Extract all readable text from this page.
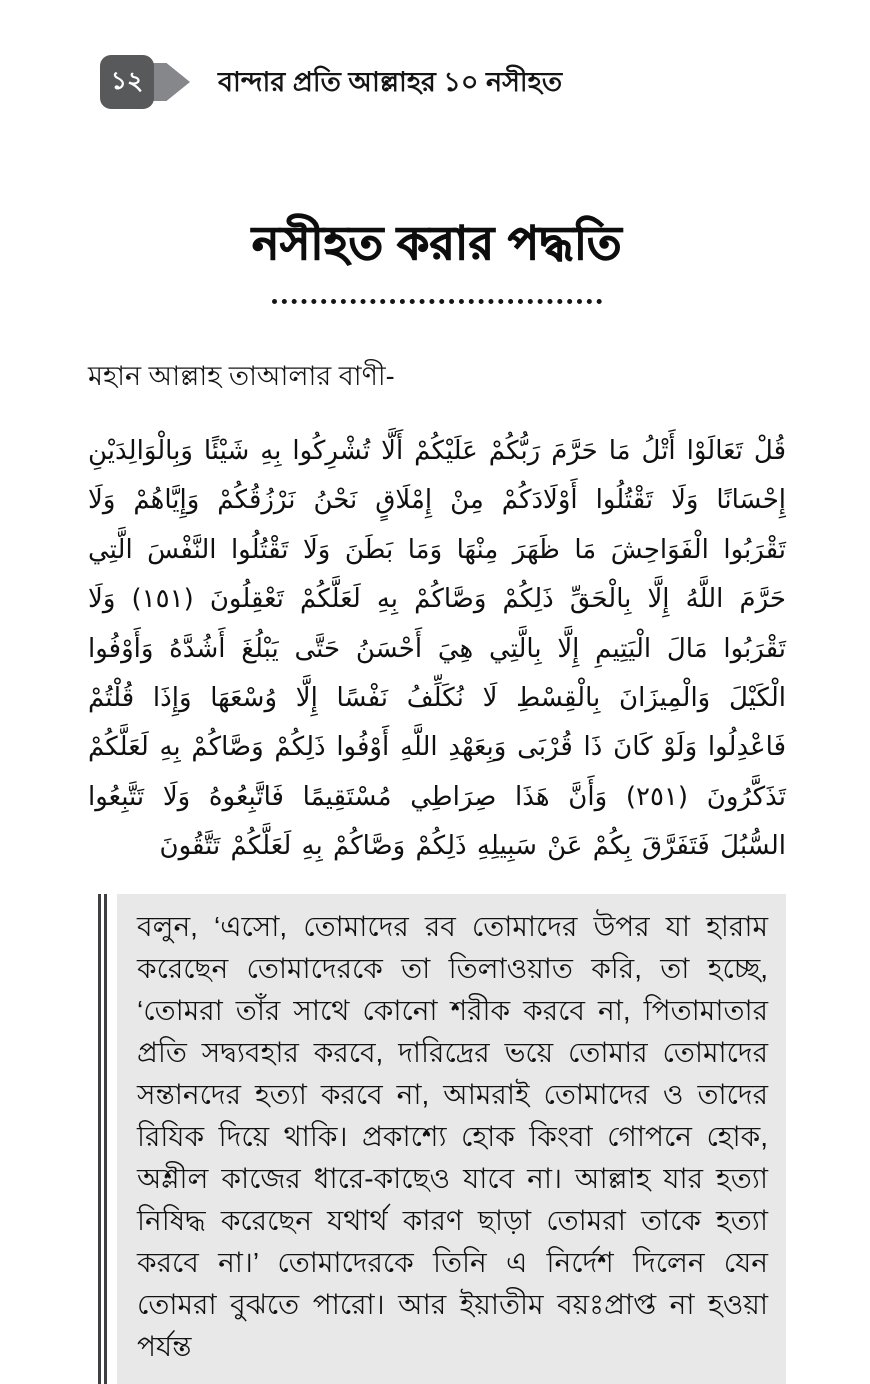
১২	বান্দার প্রতি আল্লাহর ১০ নসীহত
নসীহত করার পদ্ধতি
মহান আল্লাহ তাআলার বাণী-
قُلْ تَعَالَوْا أَتْلُ مَا حَرَّمَ رَبُّكُمْ عَلَيْكُمْ أَلَّا تُشْرِكُوا بِهِ شَيْئًا وَبِالْوَالِدَيْنِ إِحْسَانًا وَلَا تَقْتُلُوا أَوْلَادَكُمْ مِنْ إِمْلَاقٍ نَحْنُ نَرْزُقُكُمْ وَإِيَّاهُمْ وَلَا تَقْرَبُوا الْفَوَاحِشَ مَا ظَهَرَ مِنْهَا وَمَا بَطَنَ وَلَا تَقْتُلُوا النَّفْسَ الَّتِي حَرَّمَ اللَّهُ إِلَّا بِالْحَقِّ ذَلِكُمْ وَصَّاكُمْ بِهِ لَعَلَّكُمْ تَعْقِلُونَ (١٥١) وَلَا تَقْرَبُوا مَالَ الْيَتِيمِ إِلَّا بِالَّتِي هِيَ أَحْسَنُ حَتَّى يَبْلُغَ أَشُدَّهُ وَأَوْفُوا الْكَيْلَ وَالْمِيزَانَ بِالْقِسْطِ لَا نُكَلِّفُ نَفْسًا إِلَّا وُسْعَهَا وَإِذَا قُلْتُمْ فَاعْدِلُوا وَلَوْ كَانَ ذَا قُرْبَى وَبِعَهْدِ اللَّهِ أَوْفُوا ذَلِكُمْ وَصَّاكُمْ بِهِ لَعَلَّكُمْ تَذَكَّرُونَ (٢٥١) وَأَنَّ هَذَا صِرَاطِي مُسْتَقِيمًا فَاتَّبِعُوهُ وَلَا تَتَّبِعُوا السُّبُلَ فَتَفَرَّقَ بِكُمْ عَنْ سَبِيلِهِ ذَلِكُمْ وَصَّاكُمْ بِهِ لَعَلَّكُمْ تَتَّقُونَ
বলুন, ‘এসো, তোমাদের রব তোমাদের উপর যা হারাম করেছেন তোমাদেরকে তা তিলাওয়াত করি, তা হচ্ছে, ‘তোমরা তাঁর সাথে কোনো শরীক করবে না, পিতামাতার প্রতি সদ্ব্যবহার করবে, দারিদ্রের ভয়ে তোমার তোমাদের সন্তানদের হত্যা করবে না, আমরাই তোমাদের ও তাদের রিযিক দিয়ে থাকি। প্রকাশ্যে হোক কিংবা গোপনে হোক, অশ্লীল কাজের ধারে-কাছেও যাবে না। আল্লাহ যার হত্যা নিষিদ্ধ করেছেন যথার্থ কারণ ছাড়া তোমরা তাকে হত্যা করবে না।’ তোমাদেরকে তিনি এ নির্দেশ দিলেন যেন তোমরা বুঝতে পারো। আর ইয়াতীম বয়ঃপ্রাপ্ত না হওয়া পর্যন্ত
